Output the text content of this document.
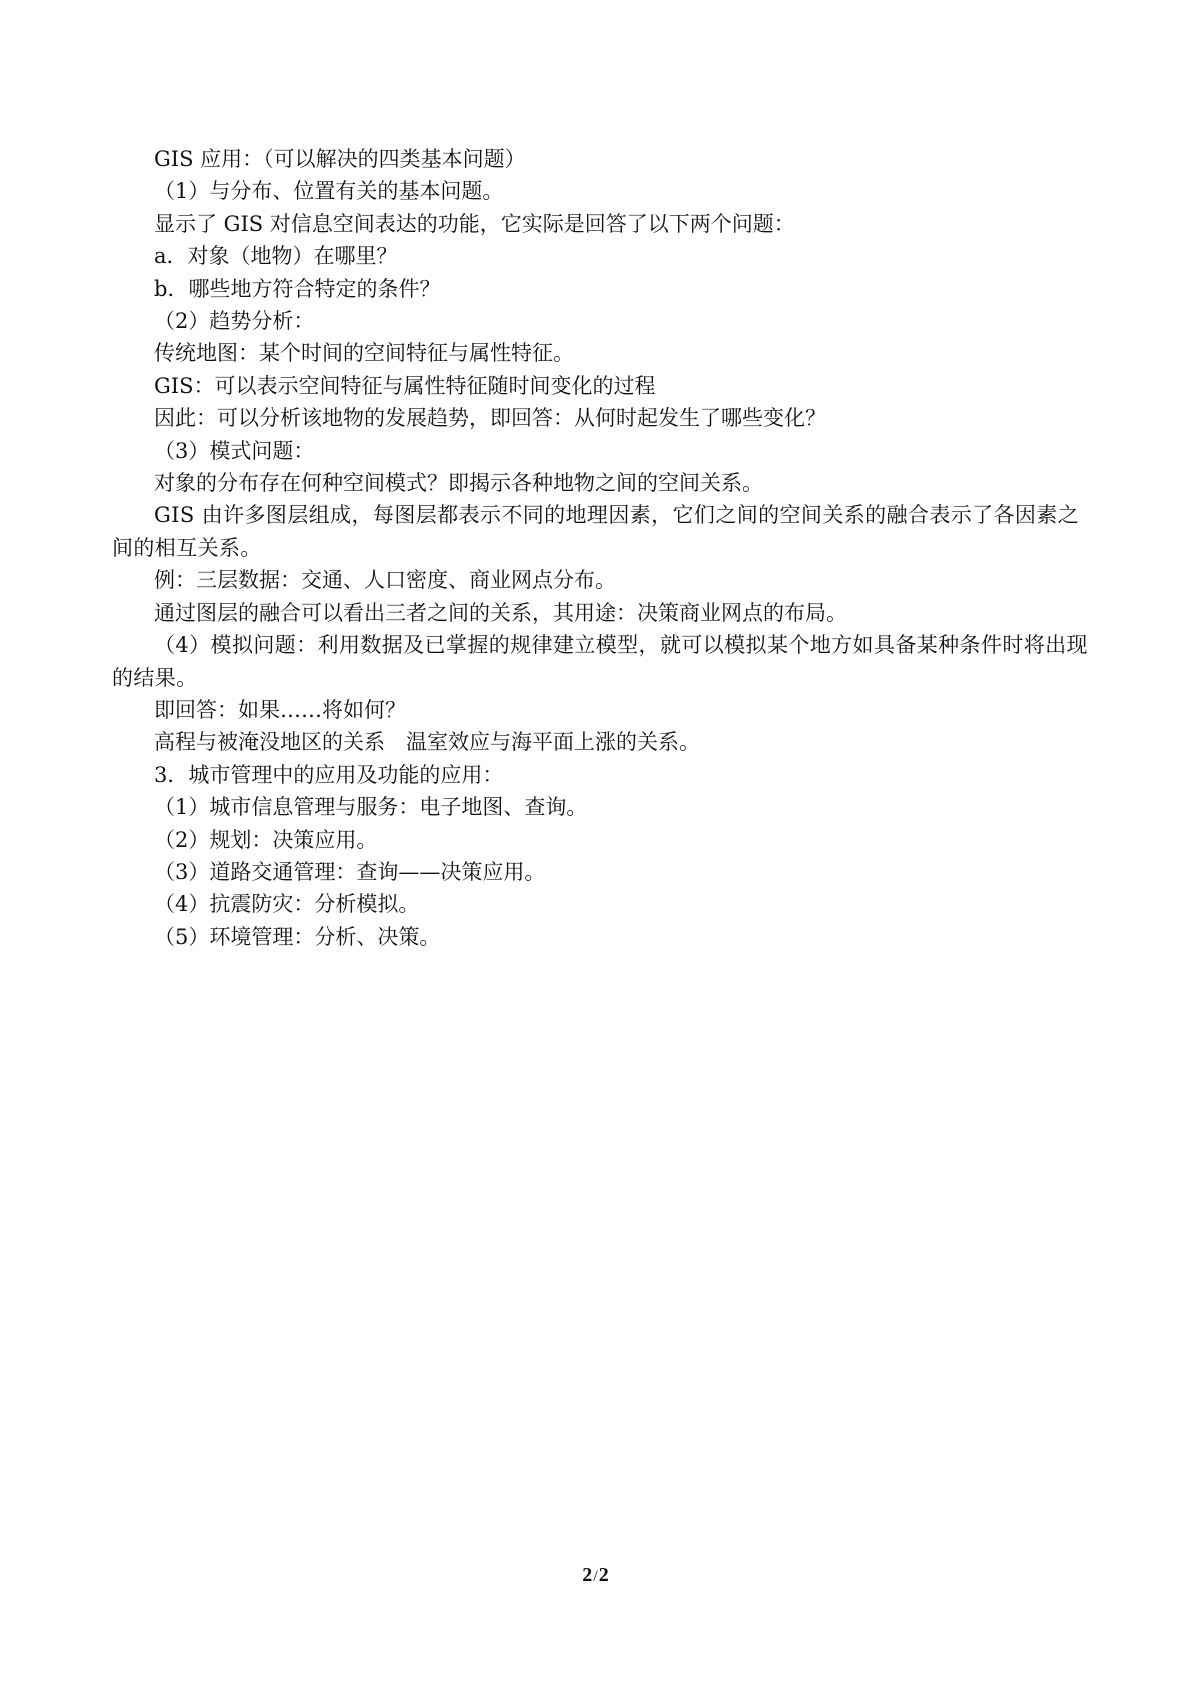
GIS 应用：（可以解决的四类基本问题）

（1）与分布、位置有关的基本问题。

显示了 GIS 对信息空间表达的功能，它实际是回答了以下两个问题：

a．对象（地物）在哪里？

b．哪些地方符合特定的条件？

（2）趋势分析：

传统地图：某个时间的空间特征与属性特征。

GIS：可以表示空间特征与属性特征随时间变化的过程

因此：可以分析该地物的发展趋势，即回答：从何时起发生了哪些变化？

（3）模式问题：

对象的分布存在何种空间模式？即揭示各种地物之间的空间关系。

GIS 由许多图层组成，每图层都表示不同的地理因素，它们之间的空间关系的融合表示了各因素之间的相互关系。

例：三层数据：交通、人口密度、商业网点分布。

通过图层的融合可以看出三者之间的关系，其用途：决策商业网点的布局。

（4）模拟问题：利用数据及已掌握的规律建立模型，就可以模拟某个地方如具备某种条件时将出现的结果。

即回答：如果……将如何？

高程与被淹没地区的关系　温室效应与海平面上涨的关系。

3．城市管理中的应用及功能的应用：

（1）城市信息管理与服务：电子地图、查询。

（2）规划：决策应用。

（3）道路交通管理：查询——决策应用。

（4）抗震防灾：分析模拟。

（5）环境管理：分析、决策。

2/2
